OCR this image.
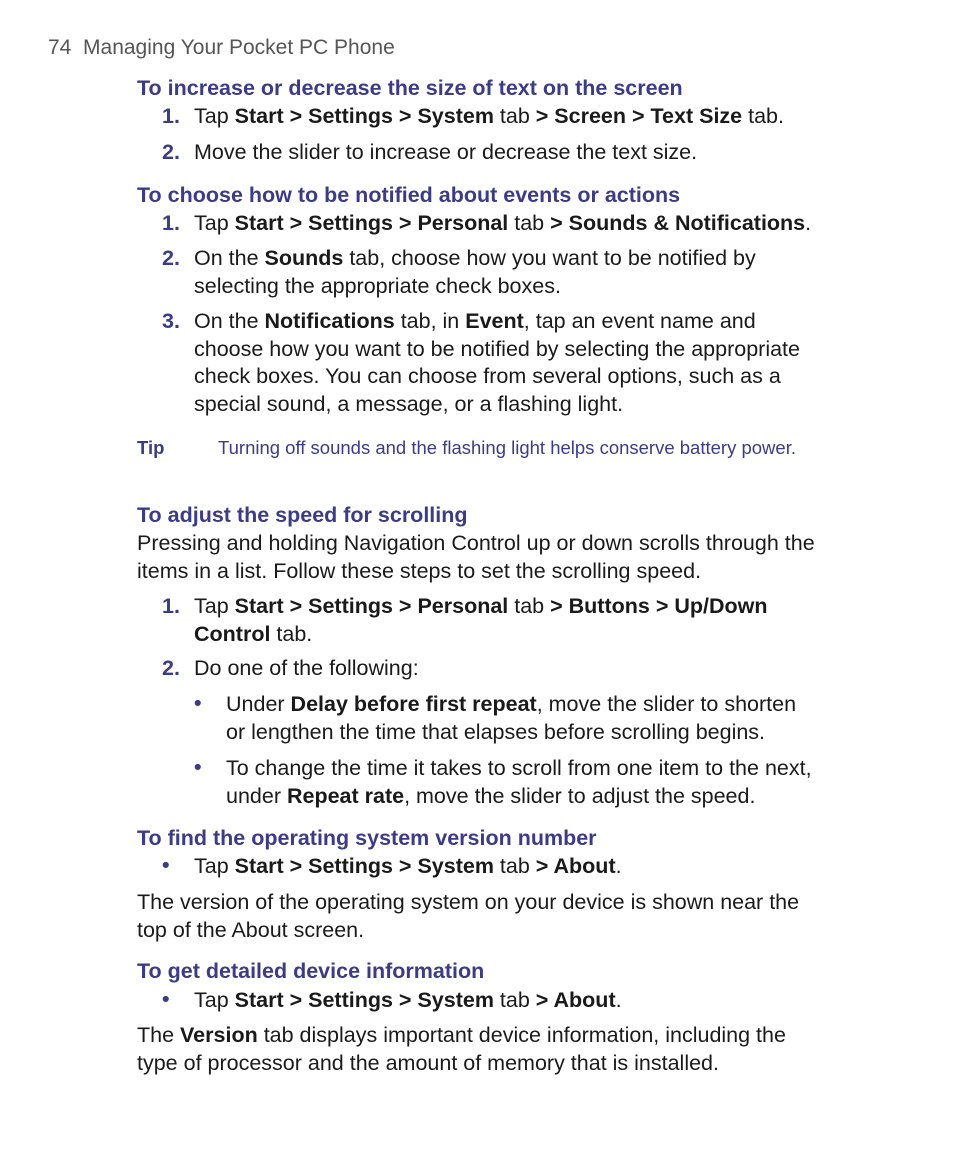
74 Managing Your Pocket PC Phone
To increase or decrease the size of text on the screen
1. Tap Start > Settings > System tab > Screen > Text Size tab.
2. Move the slider to increase or decrease the text size.
To choose how to be notified about events or actions
1. Tap Start > Settings > Personal tab > Sounds & Notifications.
2. On the Sounds tab, choose how you want to be notified by
selecting the appropriate check boxes.
3. On the Notifications tab, in Event, tap an event name and
choose how you want to be notified by selecting the appropriate
check boxes. You can choose from several options, such as a
special sound, a message, or a flashing light.
Tip	Turning off sounds and the flashing light helps conserve battery power.
To adjust the speed for scrolling
Pressing and holding Navigation Control up or down scrolls through the
items in a list. Follow these steps to set the scrolling speed.
1. Tap Start > Settings > Personal tab > Buttons > Up/Down
Control tab.
2. Do one of the following:
• Under Delay before first repeat, move the slider to shorten
or lengthen the time that elapses before scrolling begins.
• To change the time it takes to scroll from one item to the next,
under Repeat rate, move the slider to adjust the speed.
To find the operating system version number
• Tap Start > Settings > System tab > About.
The version of the operating system on your device is shown near the
top of the About screen.
To get detailed device information
• Tap Start > Settings > System tab > About.
The Version tab displays important device information, including the
type of processor and the amount of memory that is installed.
